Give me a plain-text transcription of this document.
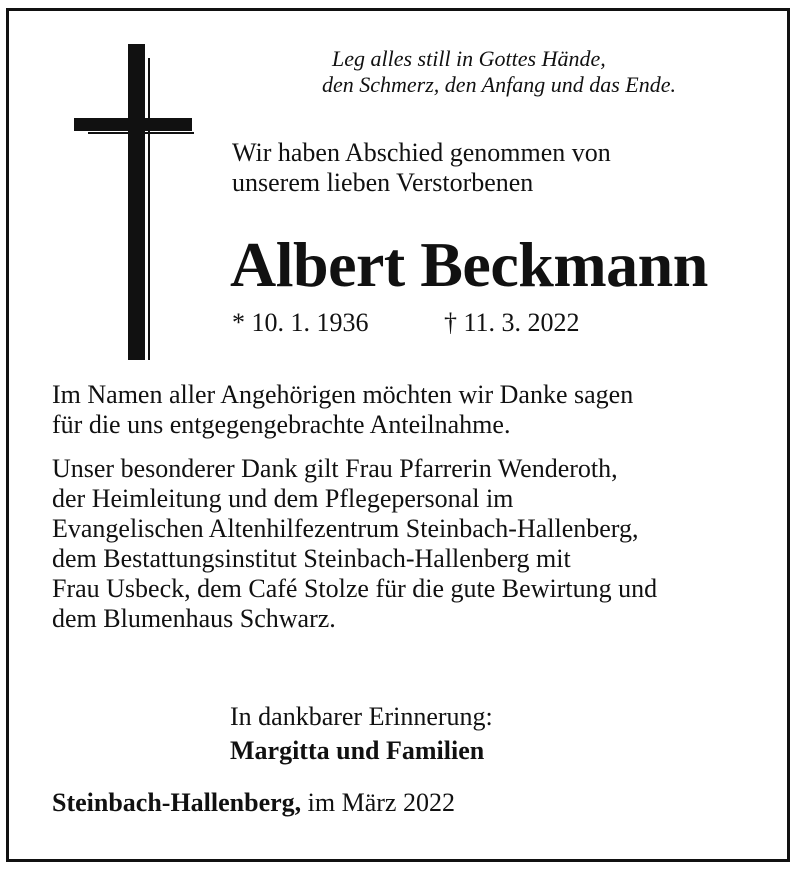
Leg alles still in Gottes Hände,
den Schmerz, den Anfang und das Ende.
Wir haben Abschied genommen von
unserem lieben Verstorbenen
Albert Beckmann
* 10. 1. 1936	† 11. 3. 2022
Im Namen aller Angehörigen möchten wir Danke sagen
für die uns entgegengebrachte Anteilnahme.
Unser besonderer Dank gilt Frau Pfarrerin Wenderoth,
der Heimleitung und dem Pflegepersonal im
Evangelischen Altenhilfezentrum Steinbach-Hallenberg,
dem Bestattungsinstitut Steinbach-Hallenberg mit
Frau Usbeck, dem Café Stolze für die gute Bewirtung und
dem Blumenhaus Schwarz.
In dankbarer Erinnerung:
Margitta und Familien
Steinbach-Hallenberg, im März 2022
